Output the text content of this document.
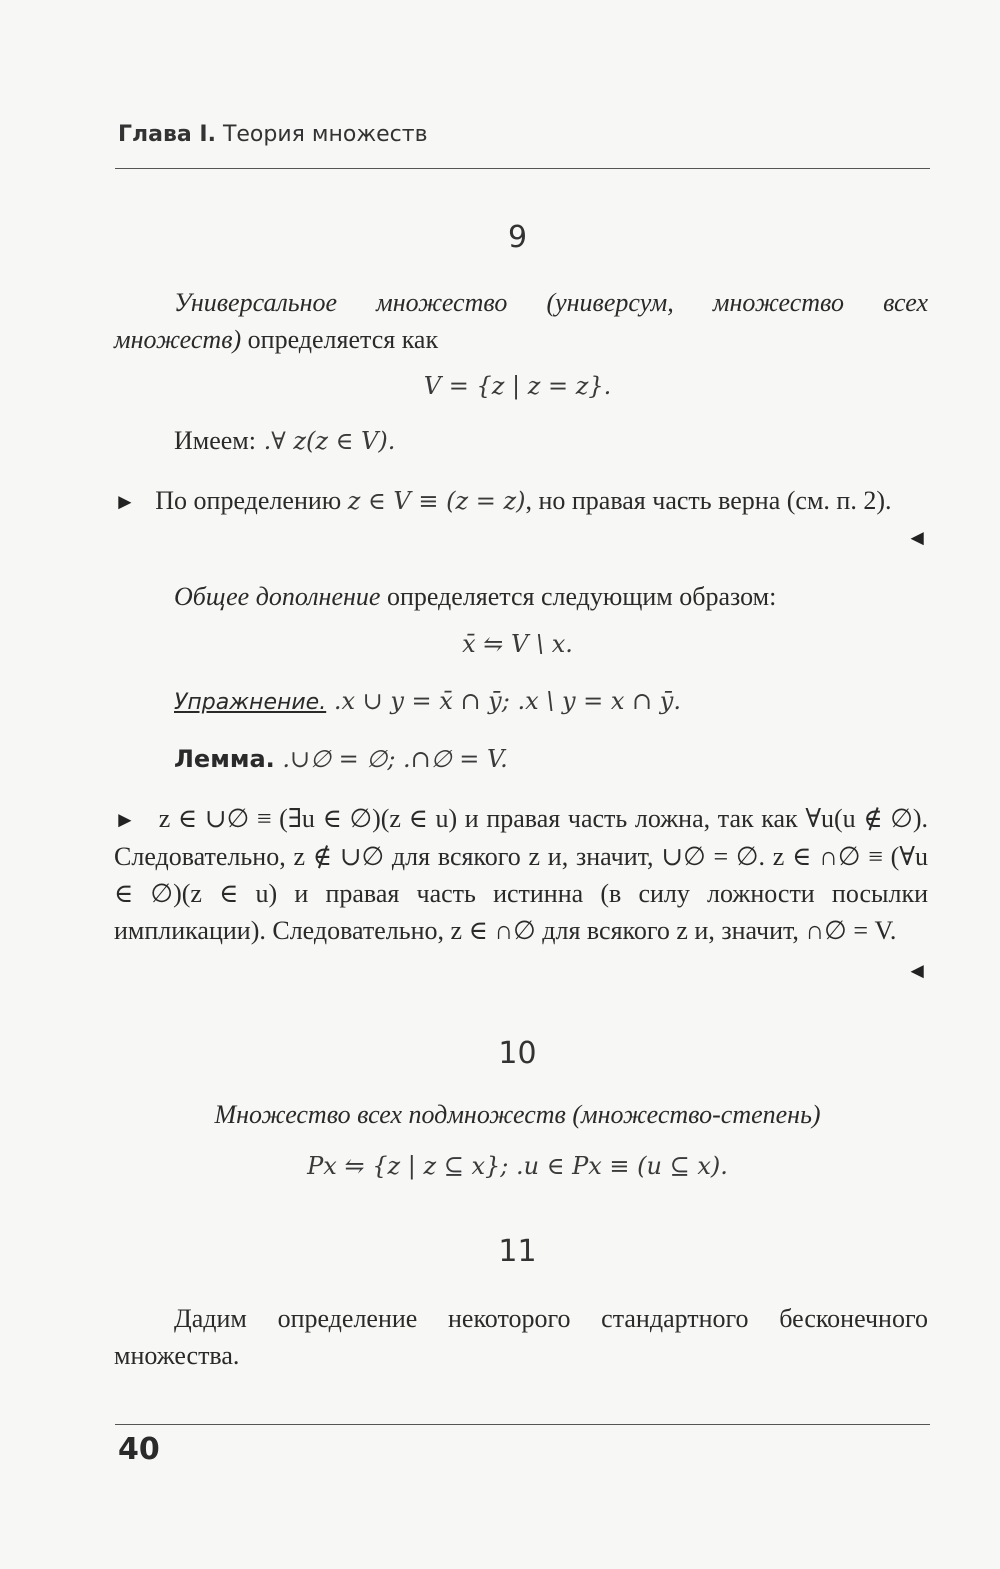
Глава I. Теория множеств
9
Универсальное множество (универсум, множество всех множеств) определяется как
V = {z | z = z}.
Имеем: .∀ z(z ∈ V).
► По определению z ∈ V ≡ (z = z), но правая часть верна (см. п. 2).
◄
Общее дополнение определяется следующим образом:
x̄ ⇋ V \ x.
Упражнение. .x ∪ y = x̄ ∩ ȳ; .x \ y = x ∩ ȳ.
Лемма. .∪∅ = ∅; .∩∅ = V.
► z ∈ ∪∅ ≡ (∃u ∈ ∅)(z ∈ u) и правая часть ложна, так как ∀u(u ∉ ∅). Следовательно, z ∉ ∪∅ для всякого z и, значит, ∪∅ = ∅. z ∈ ∩∅ ≡ (∀u ∈ ∅)(z ∈ u) и правая часть истинна (в силу ложности посылки импликации). Следовательно, z ∈ ∩∅ для всякого z и, значит, ∩∅ = V.
◄
10
Множество всех подмножеств (множество-степень)
Px ⇋ {z | z ⊆ x}; .u ∈ Px ≡ (u ⊆ x).
11
Дадим определение некоторого стандартного бесконечного множества.
40
